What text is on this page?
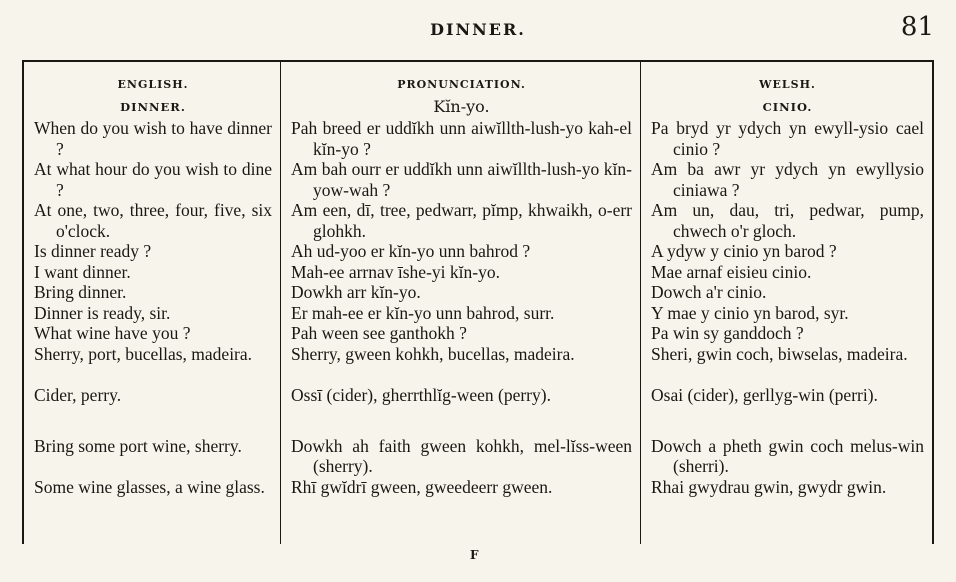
DINNER.	81
ENGLISH.
DINNER.
When do you wish to have dinner ?
At what hour do you wish to dine ?
At one, two, three, four, five, six o'clock.
Is dinner ready ?
I want dinner.
Bring dinner.
Dinner is ready, sir.
What wine have you ?
Sherry, port, bucellas, madeira.
Cider, perry.
Bring some port wine, sherry.
Some wine glasses, a wine glass.
PRONUNCIATION.
Kĭn-yo.
Pah breed er uddĭkh unn aiwĭllth-lush-yo kah-el kĭn-yo ?
Am bah ourr er uddĭkh unn aiwĭllth-lush-yo kĭn-yow-wah ?
Am een, dī, tree, pedwarr, pĭmp, khwaikh, o-err glohkh.
Ah ud-yoo er kĭn-yo unn bahrod ?
Mah-ee arrnav īshe-yi kĭn-yo.
Dowkh arr kĭn-yo.
Er mah-ee er kĭn-yo unn bahrod, surr.
Pah ween see ganthokh ?
Sherry, gween kohkh, bucellas, madeira.
Ossī (cider), gherrthlĭg-ween (perry).
Dowkh ah faith gween kohkh, mel-lĭss-ween (sherry).
Rhī gwĭdrī gween, gweedeerr gween.
WELSH.
CINIO.
Pa bryd yr ydych yn ewyll-ysio cael cinio ?
Am ba awr yr ydych yn ewyllysio ciniawa ?
Am un, dau, tri, pedwar, pump, chwech o'r gloch.
A ydyw y cinio yn barod ?
Mae arnaf eisieu cinio.
Dowch a'r cinio.
Y mae y cinio yn barod, syr.
Pa win sy ganddoch ?
Sheri, gwin coch, biwselas, madeira.
Osai (cider), gerllyg-win (perri).
Dowch a pheth gwin coch melus-win (sherri).
Rhai gwydrau gwin, gwydr gwin.
F
